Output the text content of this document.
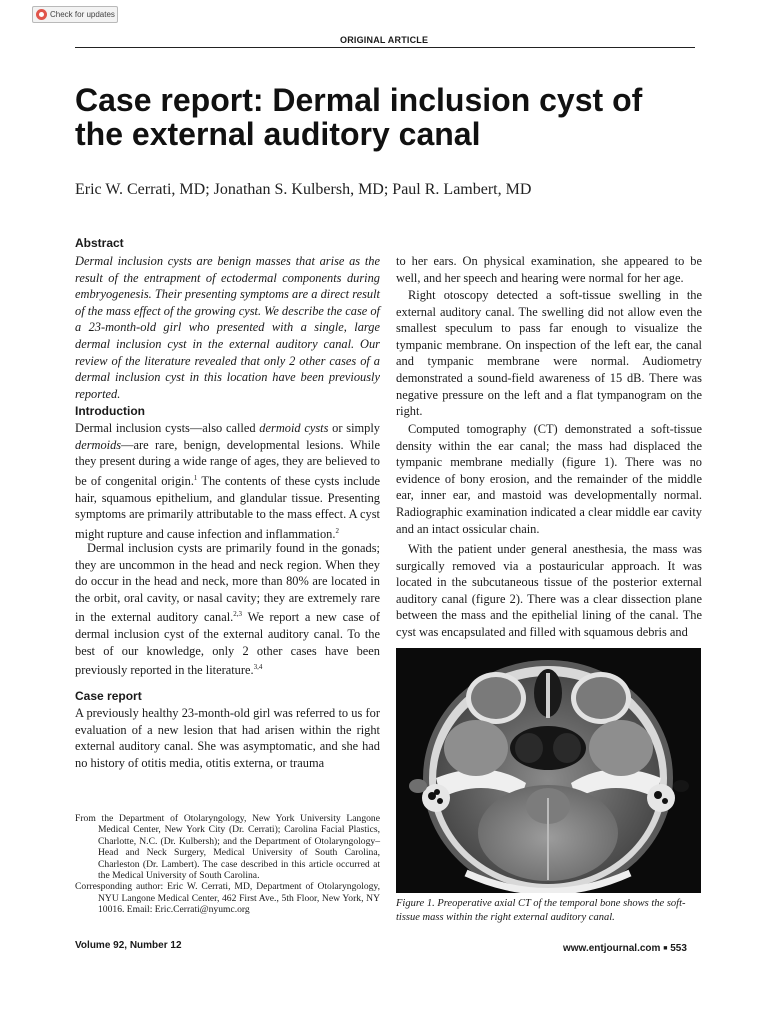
Check for updates
ORIGINAL ARTICLE
Case report: Dermal inclusion cyst of
the external auditory canal
Eric W. Cerrati, MD; Jonathan S. Kulbersh, MD; Paul R. Lambert, MD
Abstract
Dermal inclusion cysts are benign masses that arise as the result of the entrapment of ectodermal components during embryogenesis. Their presenting symptoms are a direct result of the mass effect of the growing cyst. We describe the case of a 23-month-old girl who presented with a single, large dermal inclusion cyst in the external auditory canal. Our review of the literature revealed that only 2 other cases of a dermal inclusion cyst in this location have been previously reported.
Introduction
Dermal inclusion cysts—also called dermoid cysts or simply dermoids—are rare, benign, developmental lesions. While they present during a wide range of ages, they are believed to be of congenital origin.$^1$ The contents of these cysts include hair, squamous epithelium, and glandular tissue. Presenting symptoms are primarily attributable to the mass effect. A cyst might rupture and cause infection and inflammation.$^2$
Dermal inclusion cysts are primarily found in the gonads; they are uncommon in the head and neck region. When they do occur in the head and neck, more than 80% are located in the orbit, oral cavity, or nasal cavity; they are extremely rare in the external auditory canal.$^{2,3}$ We report a new case of dermal inclusion cyst of the external auditory canal. To the best of our knowledge, only 2 other cases have been previously reported in the literature.$^{3,4}$
Case report
A previously healthy 23-month-old girl was referred to us for evaluation of a new lesion that had arisen within the right external auditory canal. She was asymptomatic, and she had no history of otitis media, otitis externa, or trauma
to her ears. On physical examination, she appeared to be well, and her speech and hearing were normal for her age.
Right otoscopy detected a soft-tissue swelling in the external auditory canal. The swelling did not allow even the smallest speculum to pass far enough to visualize the tympanic membrane. On inspection of the left ear, the canal and tympanic membrane were normal. Audiometry demonstrated a sound-field awareness of 15 dB. There was negative pressure on the left and a flat tympanogram on the right.
Computed tomography (CT) demonstrated a soft-tissue density within the ear canal; the mass had displaced the tympanic membrane medially (figure 1). There was no evidence of bony erosion, and the remainder of the middle ear, inner ear, and mastoid was developmentally normal. Radiographic examination indicated a clear middle ear cavity and an intact ossicular chain.
With the patient under general anesthesia, the mass was surgically removed via a postauricular approach. It was located in the subcutaneous tissue of the posterior external auditory canal (figure 2). There was a clear dissection plane between the mass and the epithelial lining of the canal. The cyst was encapsulated and filled with squamous debris and
Figure 1. Preoperative axial CT of the temporal bone shows the soft-tissue mass within the right external auditory canal.

From the Department of Otolaryngology, New York University Langone Medical Center, New York City (Dr. Cerrati); Carolina Facial Plastics, Charlotte, N.C. (Dr. Kulbersh); and the Department of Otolaryngology–Head and Neck Surgery, Medical University of South Carolina, Charleston (Dr. Lambert). The case described in this article occurred at the Medical University of South Carolina.

Corresponding author: Eric W. Cerrati, MD, Department of Otolaryngology, NYU Langone Medical Center, 462 First Ave., 5th Floor, New York, NY 10016. Email: Eric.Cerrati@nyumc.org

Volume 92, Number 12	www.entjournal.com ■ 553
